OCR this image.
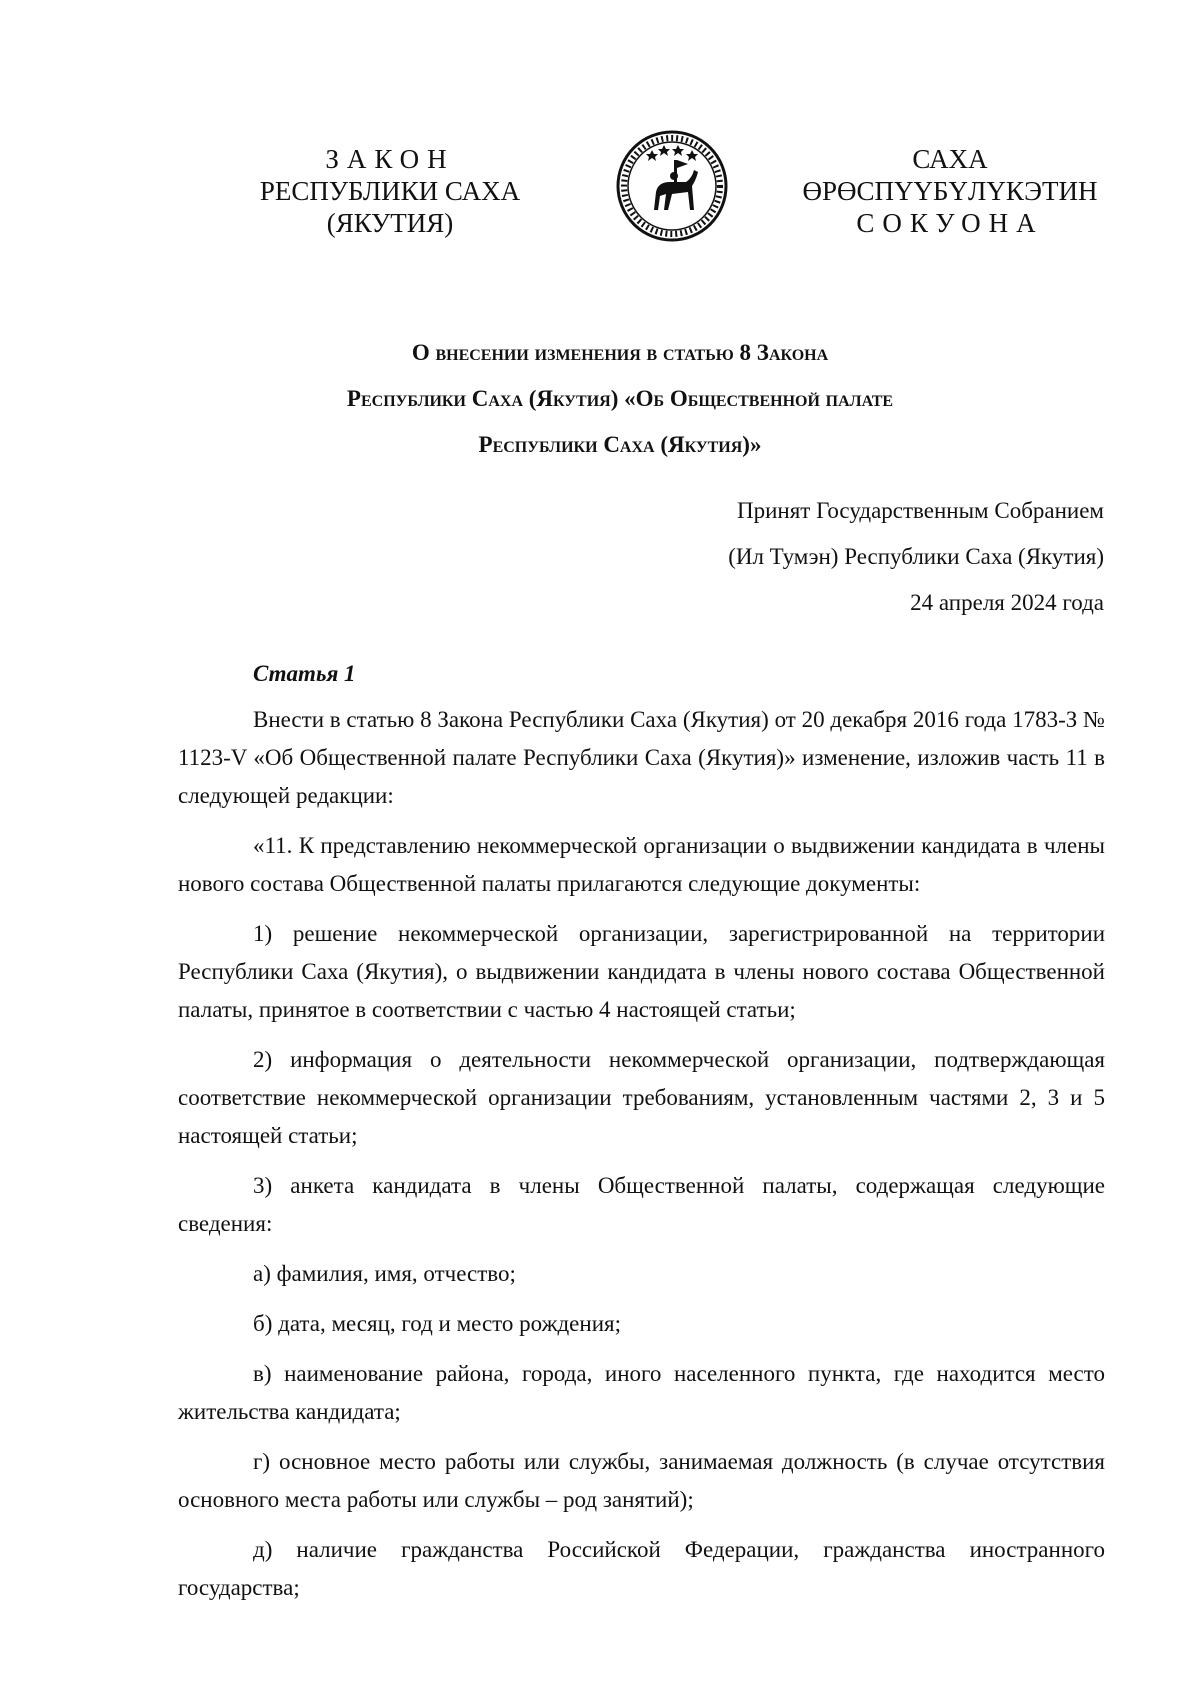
ЗАКОН
РЕСПУБЛИКИ САХА (ЯКУТИЯ)
САХА ӨРӨСПҮҮБҮЛҮКЭТИН
СОКУОНА
О внесении изменения в статью 8 Закона
Республики Саха (Якутия) «Об Общественной палате
Республики Саха (Якутия)»
Принят Государственным Собранием
(Ил Тумэн) Республики Саха (Якутия)
24 апреля 2024 года
Статья 1

Внести в статью 8 Закона Республики Саха (Якутия) от 20 декабря 2016 года 1783-З № 1123-V «Об Общественной палате Республики Саха (Якутия)» изменение, изложив часть 11 в следующей редакции:

«11. К представлению некоммерческой организации о выдвижении кандидата в члены нового состава Общественной палаты прилагаются следующие документы:

1) решение некоммерческой организации, зарегистрированной на территории Республики Саха (Якутия), о выдвижении кандидата в члены нового состава Общественной палаты, принятое в соответствии с частью 4 настоящей статьи;

2) информация о деятельности некоммерческой организации, подтверждающая соответствие некоммерческой организации требованиям, установленным частями 2, 3 и 5 настоящей статьи;

3) анкета кандидата в члены Общественной палаты, содержащая следующие сведения:

а) фамилия, имя, отчество;

б) дата, месяц, год и место рождения;

в) наименование района, города, иного населенного пункта, где находится место жительства кандидата;

г) основное место работы или службы, занимаемая должность (в случае отсутствия основного места работы или службы – род занятий);

д) наличие гражданства Российской Федерации, гражданства иностранного государства;
